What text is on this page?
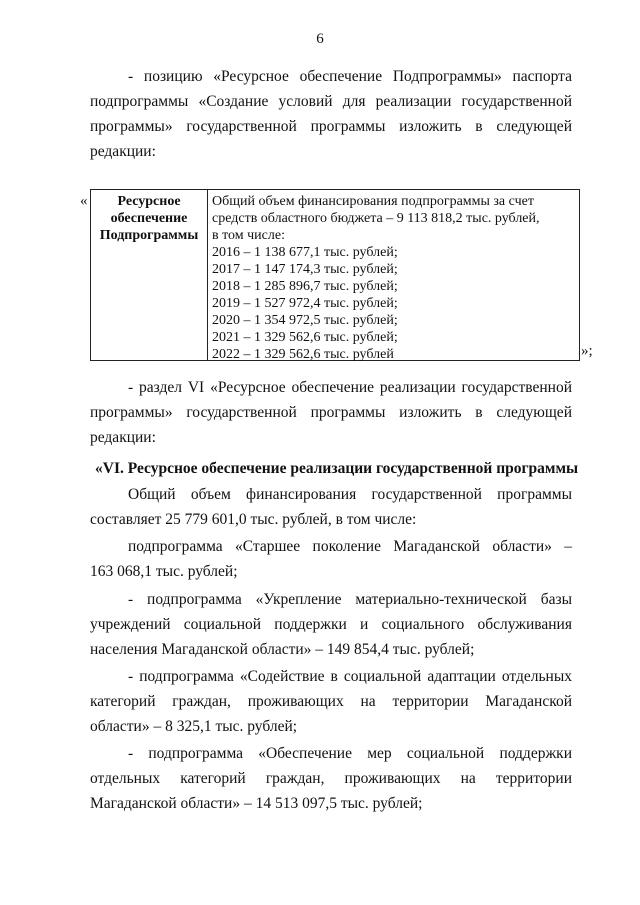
6
- позицию «Ресурсное обеспечение Подпрограммы» паспорта
подпрограммы «Создание условий для реализации государственной
программы» государственной программы изложить в следующей
редакции:
«	Ресурсное
обеспечение
Подпрограммы
Общий объем финансирования подпрограммы за счет
средств областного бюджета – 9 113 818,2 тыс. рублей,
в том числе:
2016 – 1 138 677,1 тыс. рублей;
2017 – 1 147 174,3 тыс. рублей;
2018 – 1 285 896,7 тыс. рублей;
2019 – 1 527 972,4 тыс. рублей;
2020 – 1 354 972,5 тыс. рублей;
2021 – 1 329 562,6 тыс. рублей;
2022 – 1 329 562,6 тыс. рублей	»;
- раздел VI «Ресурсное обеспечение реализации государственной
программы» государственной программы изложить в следующей
редакции:
«VI. Ресурсное обеспечение реализации государственной программы
Общий объем финансирования государственной программы
составляет 25 779 601,0 тыс. рублей, в том числе:
подпрограмма «Старшее поколение Магаданской области» –
163 068,1 тыс. рублей;
- подпрограмма «Укрепление материально-технической базы
учреждений социальной поддержки и социального обслуживания
населения Магаданской области» – 149 854,4 тыс. рублей;
- подпрограмма «Содействие в социальной адаптации отдельных
категорий граждан, проживающих на территории Магаданской
области» – 8 325,1 тыс. рублей;
- подпрограмма «Обеспечение мер социальной поддержки
отдельных категорий граждан, проживающих на территории
Магаданской области» – 14 513 097,5 тыс. рублей;
